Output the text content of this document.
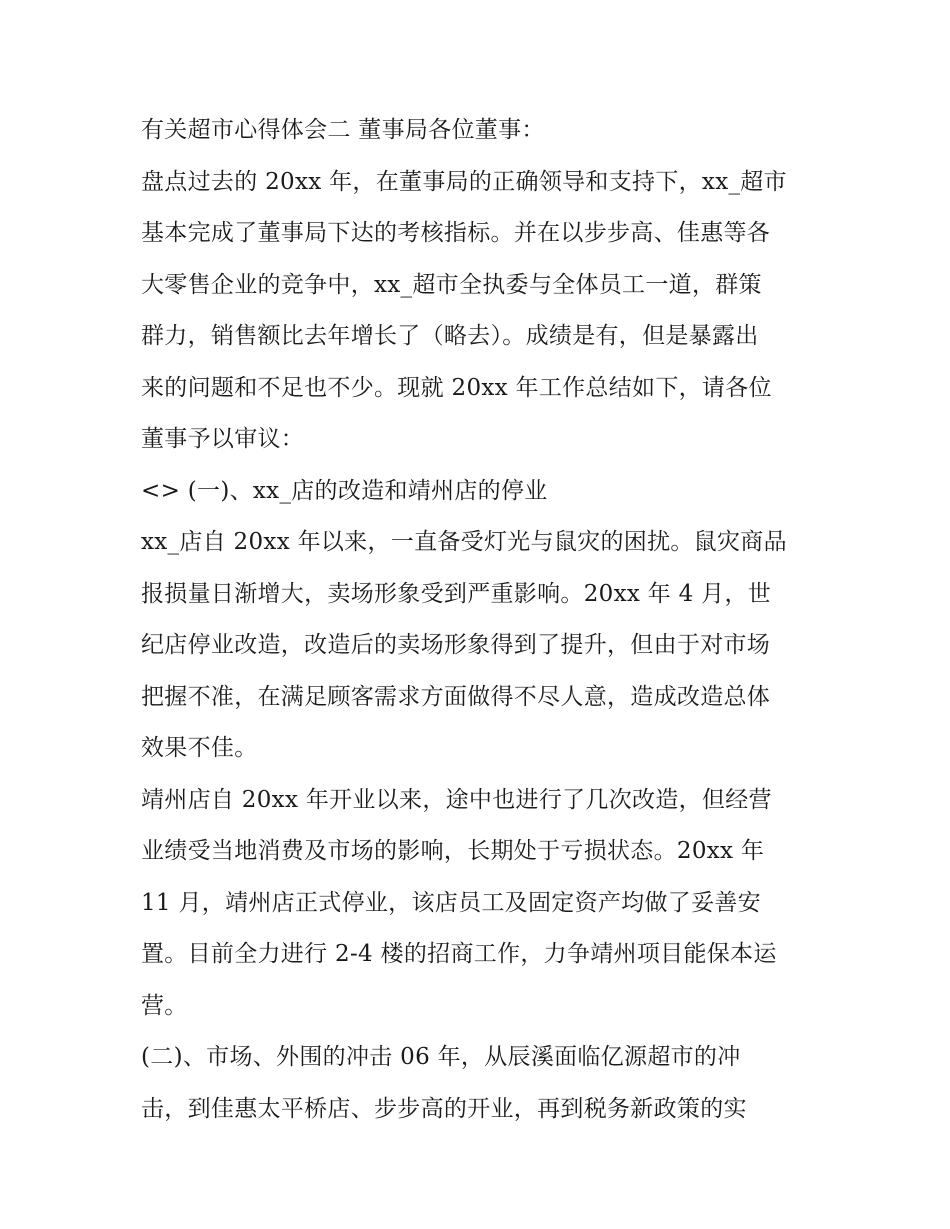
有关超市心得体会二 董事局各位董事：
盘点过去的 20xx 年，在董事局的正确领导和支持下，xx_超市
基本完成了董事局下达的考核指标。并在以步步高、佳惠等各
大零售企业的竞争中，xx_超市全执委与全体员工一道，群策
群力，销售额比去年增长了（略去）。成绩是有，但是暴露出
来的问题和不足也不少。现就 20xx 年工作总结如下，请各位
董事予以审议：
<> (一)、xx_店的改造和靖州店的停业
xx_店自 20xx 年以来，一直备受灯光与鼠灾的困扰。鼠灾商品
报损量日渐增大，卖场形象受到严重影响。20xx 年 4 月，世
纪店停业改造，改造后的卖场形象得到了提升，但由于对市场
把握不准，在满足顾客需求方面做得不尽人意，造成改造总体
效果不佳。
靖州店自 20xx 年开业以来，途中也进行了几次改造，但经营
业绩受当地消费及市场的影响，长期处于亏损状态。20xx 年
11 月，靖州店正式停业，该店员工及固定资产均做了妥善安
置。目前全力进行 2-4 楼的招商工作，力争靖州项目能保本运
营。
(二)、市场、外围的冲击 06 年，从辰溪面临亿源超市的冲
击，到佳惠太平桥店、步步高的开业，再到税务新政策的实
